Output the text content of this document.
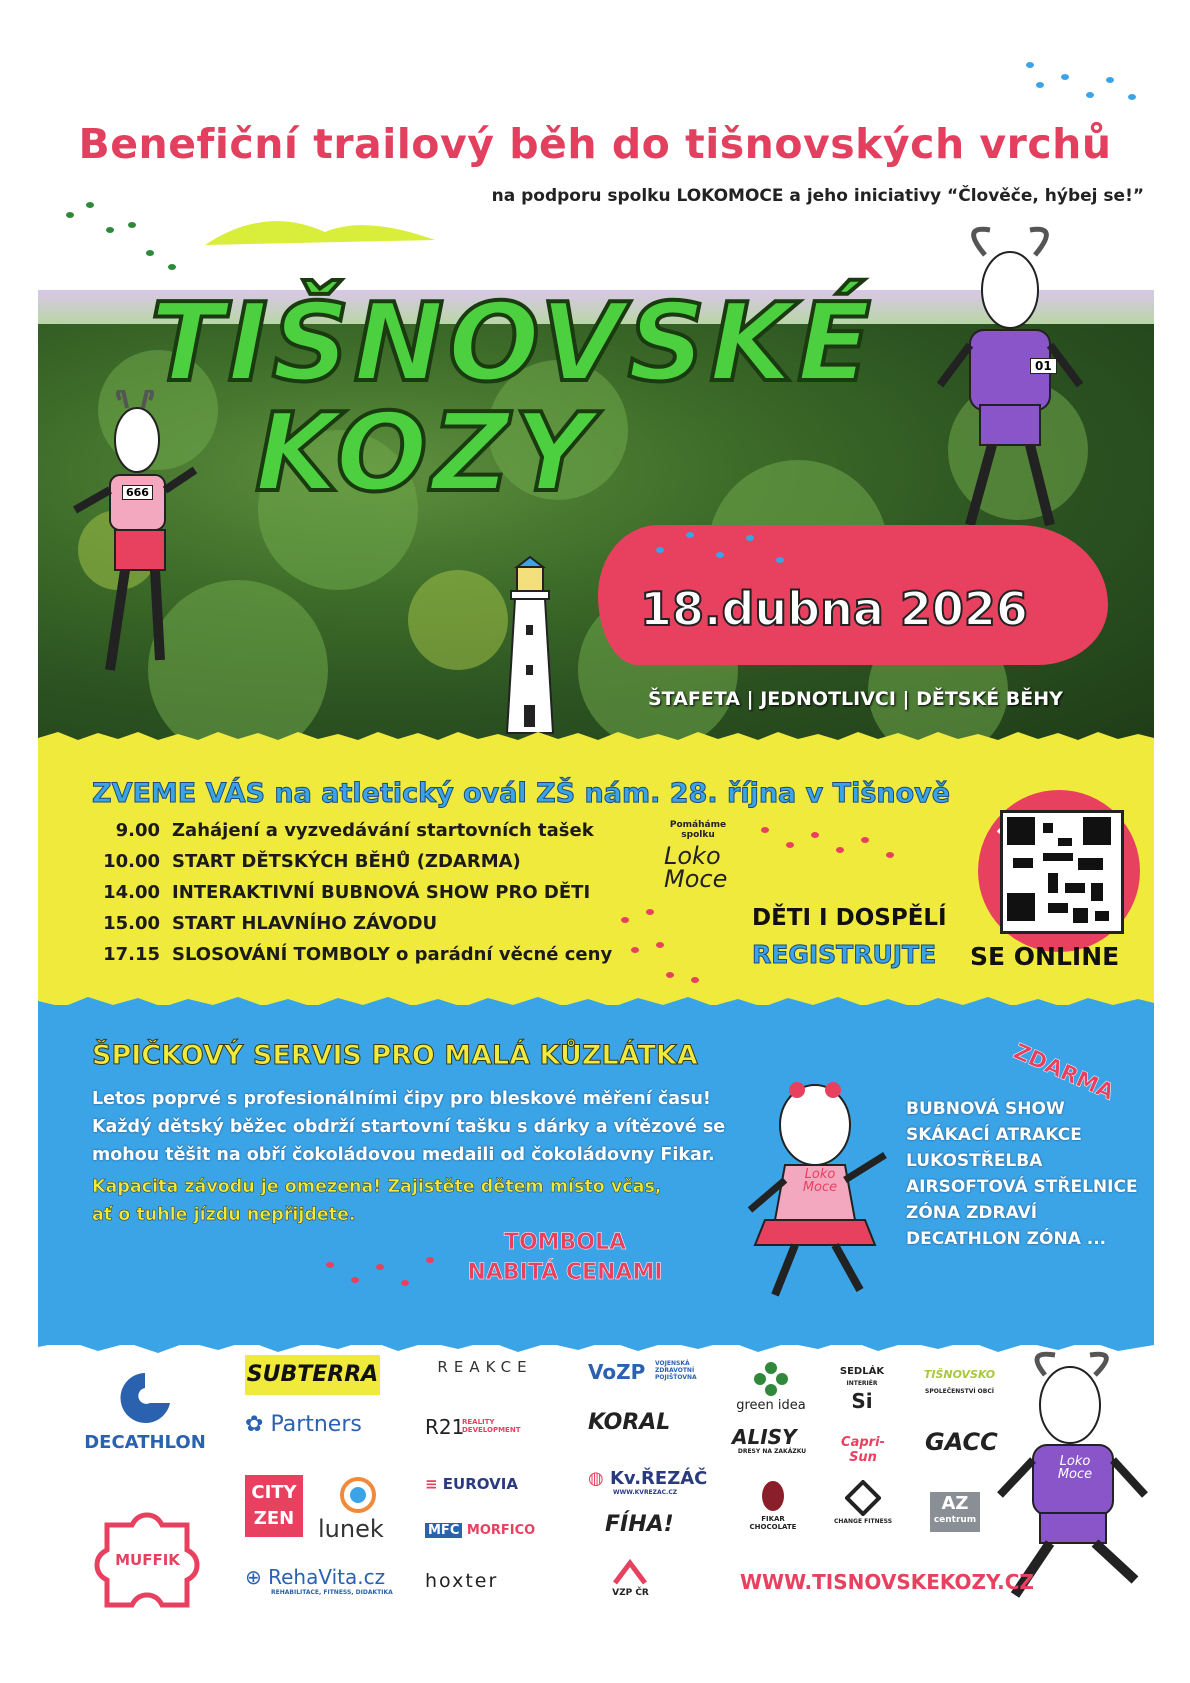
Benefiční trailový běh do tišnovských vrchů
na podporu spolku LOKOMOCE a jeho iniciativy “Člověče, hýbej se!”
TIŠNOVSKÉ
KOZY
666
01
18.dubna 2026
ŠTAFETA | JEDNOTLIVCI | DĚTSKÉ BĚHY
ZVEME VÁS na atletický ovál ZŠ nám. 28. října v Tišnově
9.00 Zahájení a vyzvedávání startovních tašek
10.00 START DĚTSKÝCH BĚHŮ (ZDARMA)
14.00 INTERAKTIVNÍ BUBNOVÁ SHOW PRO DĚTI
15.00 START HLAVNÍHO ZÁVODU
17.15 SLOSOVÁNÍ TOMBOLY o parádní věcné ceny
Pomáháme spolku
Loko Moce
DĚTI I DOSPĚLÍ
REGISTRUJTE SE ONLINE
ŠPIČKOVÝ SERVIS PRO MALÁ KŮZLÁTKA
Letos poprvé s profesionálními čipy pro bleskové měření času!
Každý dětský běžec obdrží startovní tašku s dárky a vítězové se
mohou těšit na obří čokoládovou medaili od čokoládovny Fikar.
Kapacita závodu je omezena! Zajistěte dětem místo včas,
ať o tuhle jízdu nepřijdete.
TOMBOLA
NABITÁ CENAMI
Loko Moce
ZDARMA
BUBNOVÁ SHOW
SKÁKACÍ ATRAKCE
LUKOSTŘELBA
AIRSOFTOVÁ STŘELNICE
ZÓNA ZDRAVÍ
DECATHLON ZÓNA ...
DECATHLON
MUFFIK
SUBTERRA
✿ Partners
CITY
ZEN lunek
⊕ RehaVita.cz
REHABILITACE, FITNESS, DIDAKTIKA
REAKCE
R21
REALITY DEVELOPMENT
≡ EUROVIA
MFC MORFICO
hoxter
VoZP VOJENSKÁ ZDRAVOTNÍ POJIŠŤOVNA
KORAL
◍ Kv.ŘEZÁČ
WWW.KVREZAC.CZ
FÍHA!
VZP ČR
green idea
ALISY
DRESY NA ZAKÁZKU
FIKAR CHOCOLATE
SEDLÁK
INTERIÉR
Si
Capri-Sun
CHANGE FITNESS
TIŠNOVSKO
SPOLEČENSTVÍ OBCÍ
GACC
AZ
centrum
Loko Moce
WWW.TISNOVSKEKOZY.CZ
